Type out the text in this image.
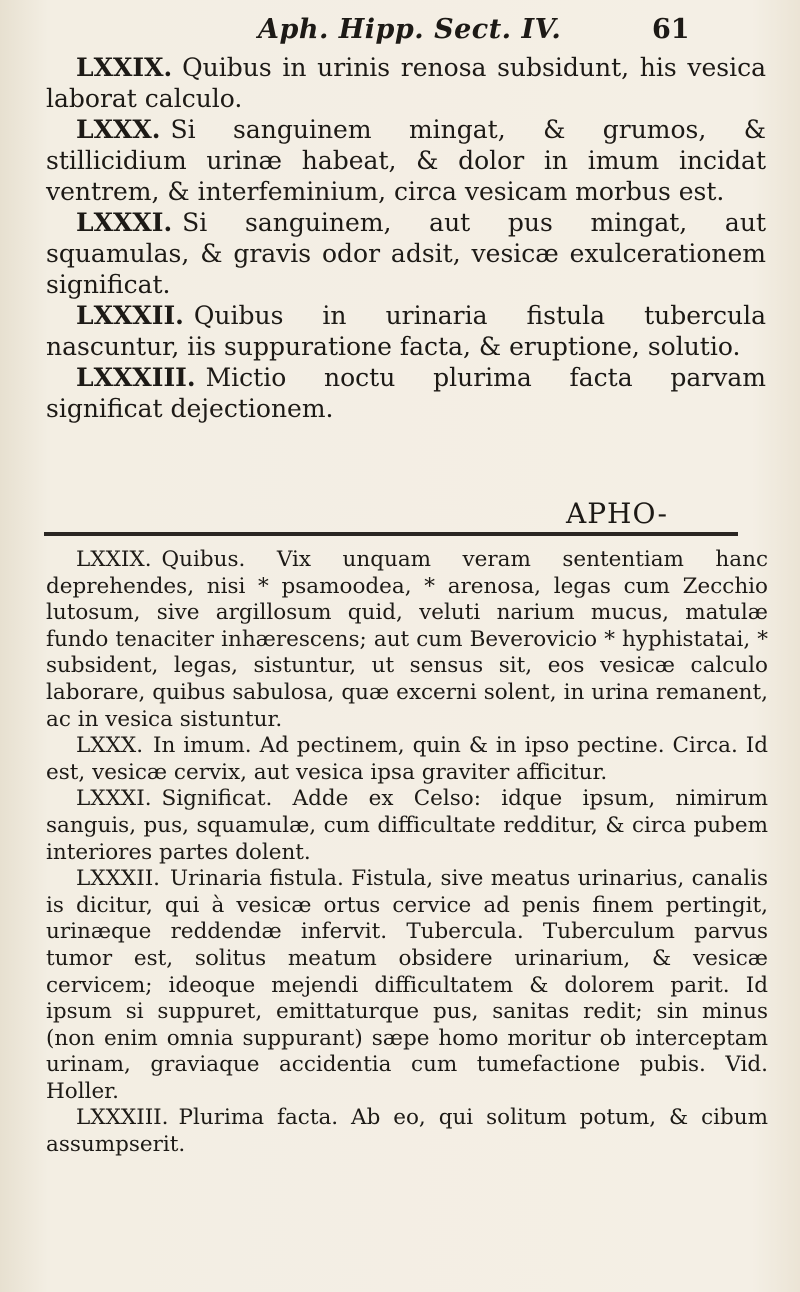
Aph. Hipp. Sect. IV.	61

LXXIX. Quibus in urinis renosa subsidunt, his vesica laborat calculo.

LXXX. Si sanguinem mingat, & grumos, & stillicidium urinæ habeat, & dolor in imum incidat ventrem, & interfeminium, circa vesicam morbus est.

LXXXI. Si sanguinem, aut pus mingat, aut squamulas, & gravis odor adsit, vesicæ exulcerationem significat.

LXXXII. Quibus in urinaria fistula tubercula nascuntur, iis suppuratione facta, & eruptione, solutio.

LXXXIII. Mictio noctu plurima facta parvam significat dejectionem.

APHO-

LXXIX. Quibus. Vix unquam veram sententiam hanc deprehendes, nisi * psamoodea, * arenosa, legas cum Zecchio lutosum, sive argillosum quid, veluti narium mucus, matulæ fundo tenaciter inhærescens; aut cum Beverovicio * hyphistatai, * subsident, legas, sistuntur, ut sensus sit, eos vesicæ calculo laborare, quibus sabulosa, quæ excerni solent, in urina remanent, ac in vesica sistuntur.

LXXX. In imum. Ad pectinem, quin & in ipso pectine. Circa. Id est, vesicæ cervix, aut vesica ipsa graviter afficitur.

LXXXI. Significat. Adde ex Celso: idque ipsum, nimirum sanguis, pus, squamulæ, cum difficultate redditur, & circa pubem interiores partes dolent.

LXXXII. Urinaria fistula. Fistula, sive meatus urinarius, canalis is dicitur, qui à vesicæ ortus cervice ad penis finem pertingit, urinæque reddendæ infervit. Tubercula. Tuberculum parvus tumor est, solitus meatum obsidere urinarium, & vesicæ cervicem; ideoque mejendi difficultatem & dolorem parit. Id ipsum si suppuret, emittaturque pus, sanitas redit; sin minus (non enim omnia suppurant) sæpe homo moritur ob interceptam urinam, graviaque accidentia cum tumefactione pubis. Vid. Holler.

LXXXIII. Plurima facta. Ab eo, qui solitum potum, & cibum assumpserit.
